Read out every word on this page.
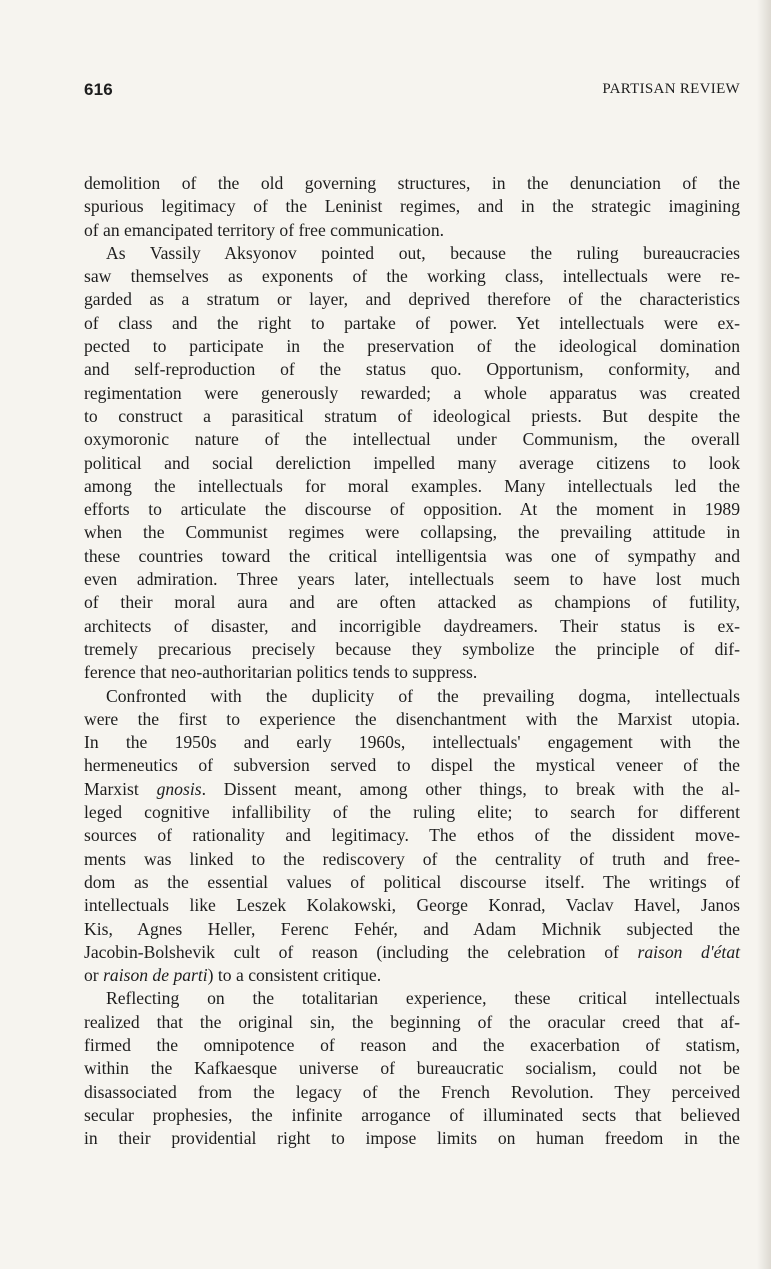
616	PARTISAN REVIEW
demolition of the old governing structures, in the denunciation of the
spurious legitimacy of the Leninist regimes, and in the strategic imagining
of an emancipated territory of free communication.
As Vassily Aksyonov pointed out, because the ruling bureaucracies
saw themselves as exponents of the working class, intellectuals were re-
garded as a stratum or layer, and deprived therefore of the characteristics
of class and the right to partake of power. Yet intellectuals were ex-
pected to participate in the preservation of the ideological domination
and self-reproduction of the status quo. Opportunism, conformity, and
regimentation were generously rewarded; a whole apparatus was created
to construct a parasitical stratum of ideological priests. But despite the
oxymoronic nature of the intellectual under Communism, the overall
political and social dereliction impelled many average citizens to look
among the intellectuals for moral examples. Many intellectuals led the
efforts to articulate the discourse of opposition. At the moment in 1989
when the Communist regimes were collapsing, the prevailing attitude in
these countries toward the critical intelligentsia was one of sympathy and
even admiration. Three years later, intellectuals seem to have lost much
of their moral aura and are often attacked as champions of futility,
architects of disaster, and incorrigible daydreamers. Their status is ex-
tremely precarious precisely because they symbolize the principle of dif-
ference that neo-authoritarian politics tends to suppress.
Confronted with the duplicity of the prevailing dogma, intellectuals
were the first to experience the disenchantment with the Marxist utopia.
In the 1950s and early 1960s, intellectuals' engagement with the
hermeneutics of subversion served to dispel the mystical veneer of the
Marxist gnosis. Dissent meant, among other things, to break with the al-
leged cognitive infallibility of the ruling elite; to search for different
sources of rationality and legitimacy. The ethos of the dissident move-
ments was linked to the rediscovery of the centrality of truth and free-
dom as the essential values of political discourse itself. The writings of
intellectuals like Leszek Kolakowski, George Konrad, Vaclav Havel, Janos
Kis, Agnes Heller, Ferenc Fehér, and Adam Michnik subjected the
Jacobin-Bolshevik cult of reason (including the celebration of raison d'état
or raison de parti) to a consistent critique.
Reflecting on the totalitarian experience, these critical intellectuals
realized that the original sin, the beginning of the oracular creed that af-
firmed the omnipotence of reason and the exacerbation of statism,
within the Kafkaesque universe of bureaucratic socialism, could not be
disassociated from the legacy of the French Revolution. They perceived
secular prophesies, the infinite arrogance of illuminated sects that believed
in their providential right to impose limits on human freedom in the
